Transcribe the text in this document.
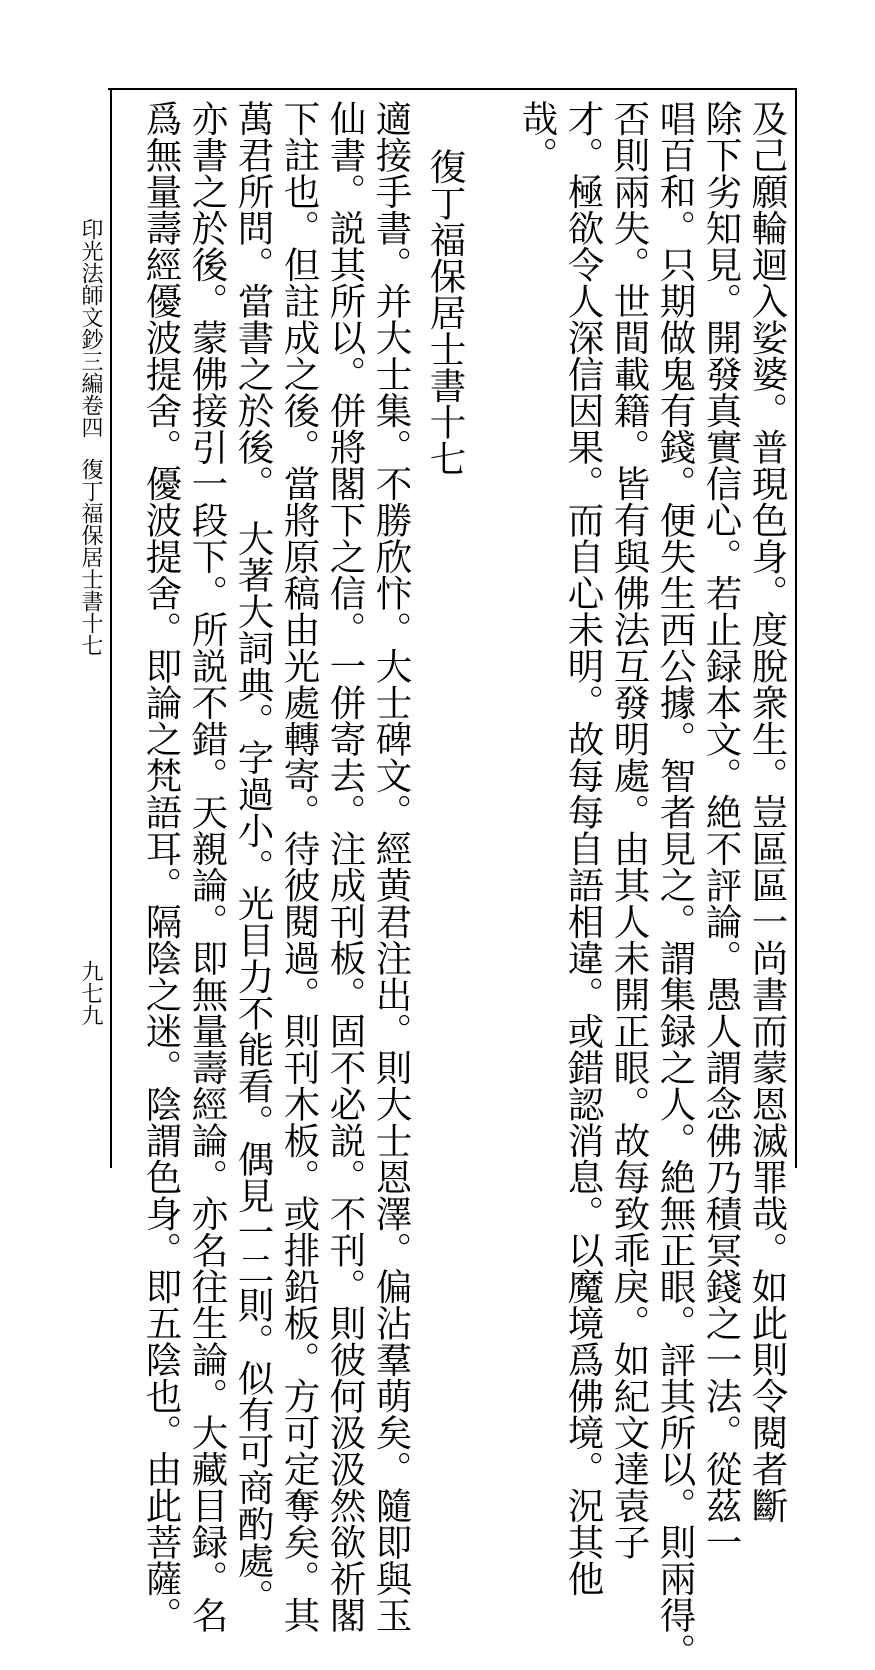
及己願輪迴入娑婆。普現色身。度脫衆生。豈區區一尚書而蒙恩滅罪哉。如此則令閱者斷
除下劣知見。開發真實信心。若止録本文。絶不評論。愚人謂念佛乃積冥錢之一法。從茲一
唱百和。只期做鬼有錢。便失生西公據。智者見之。謂集録之人。絶無正眼。評其所以。則兩得。
否則兩失。世間載籍。皆有與佛法互發明處。由其人未開正眼。故每致乖戾。如紀文達袁子
才。極欲令人深信因果。而自心未明。故每每自語相違。或錯認消息。以魔境爲佛境。況其他
哉。
復丁福保居士書十七
適接手書。并大士集。不勝欣忭。大士碑文。經黄君注出。則大士恩澤。偏沾羣萌矣。隨即與玉
仙書。説其所以。併將閣下之信。一併寄去。注成刊板。固不必説。不刊。則彼何汲汲然欲祈閣
下註也。但註成之後。當將原稿由光處轉寄。待彼閱過。則刊木板。或排鉛板。方可定奪矣。其
萬君所問。當書之於後。　大著大詞典。字過小。光目力不能看。偶見一二則。似有可商酌處。
亦書之於後。蒙佛接引一段下。所説不錯。天親論。即無量壽經論。亦名往生論。大藏目録。名
爲無量壽經優波提舍。優波提舍。即論之梵語耳。隔陰之迷。陰謂色身。即五陰也。由此菩薩。
印光法師文鈔三編卷四
復丁福保居士書十七
九七九
